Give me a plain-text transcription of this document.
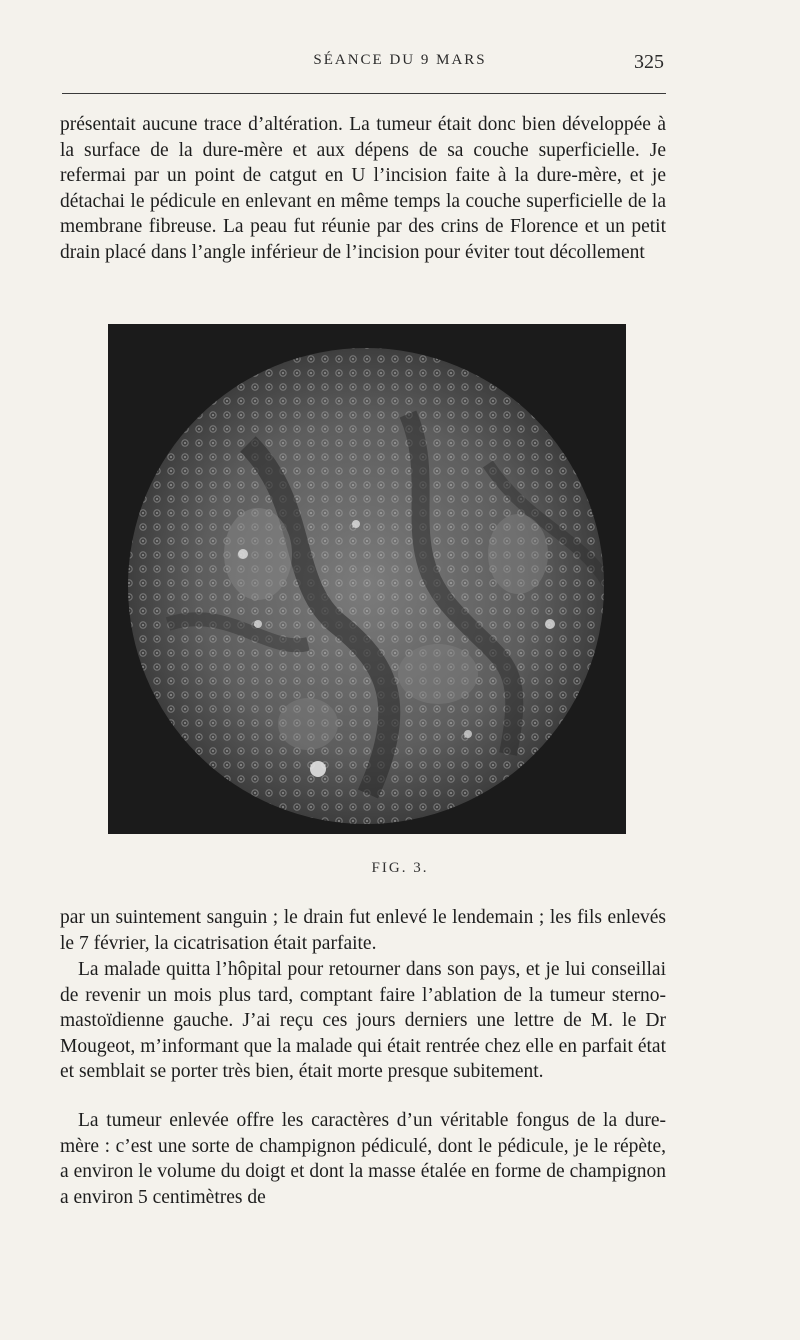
SÉANCE DU 9 MARS	325

présentait aucune trace d’altération. La tumeur était donc bien développée à la surface de la dure-mère et aux dépens de sa couche superficielle. Je refermai par un point de catgut en U l’incision faite à la dure-mère, et je détachai le pédicule en enlevant en même temps la couche superficielle de la membrane fibreuse. La peau fut réunie par des crins de Florence et un petit drain placé dans l’angle inférieur de l’incision pour éviter tout décollement

FIG. 3.

par un suintement sanguin ; le drain fut enlevé le lendemain ; les fils enlevés le 7 février, la cicatrisation était parfaite.

La malade quitta l’hôpital pour retourner dans son pays, et je lui conseillai de revenir un mois plus tard, comptant faire l’ablation de la tumeur sterno-mastoïdienne gauche. J’ai reçu ces jours derniers une lettre de M. le Dr Mougeot, m’informant que la malade qui était rentrée chez elle en parfait état et semblait se porter très bien, était morte presque subitement.

La tumeur enlevée offre les caractères d’un véritable fongus de la dure-mère : c’est une sorte de champignon pédiculé, dont le pédicule, je le répète, a environ le volume du doigt et dont la masse étalée en forme de champignon a environ 5 centimètres de
